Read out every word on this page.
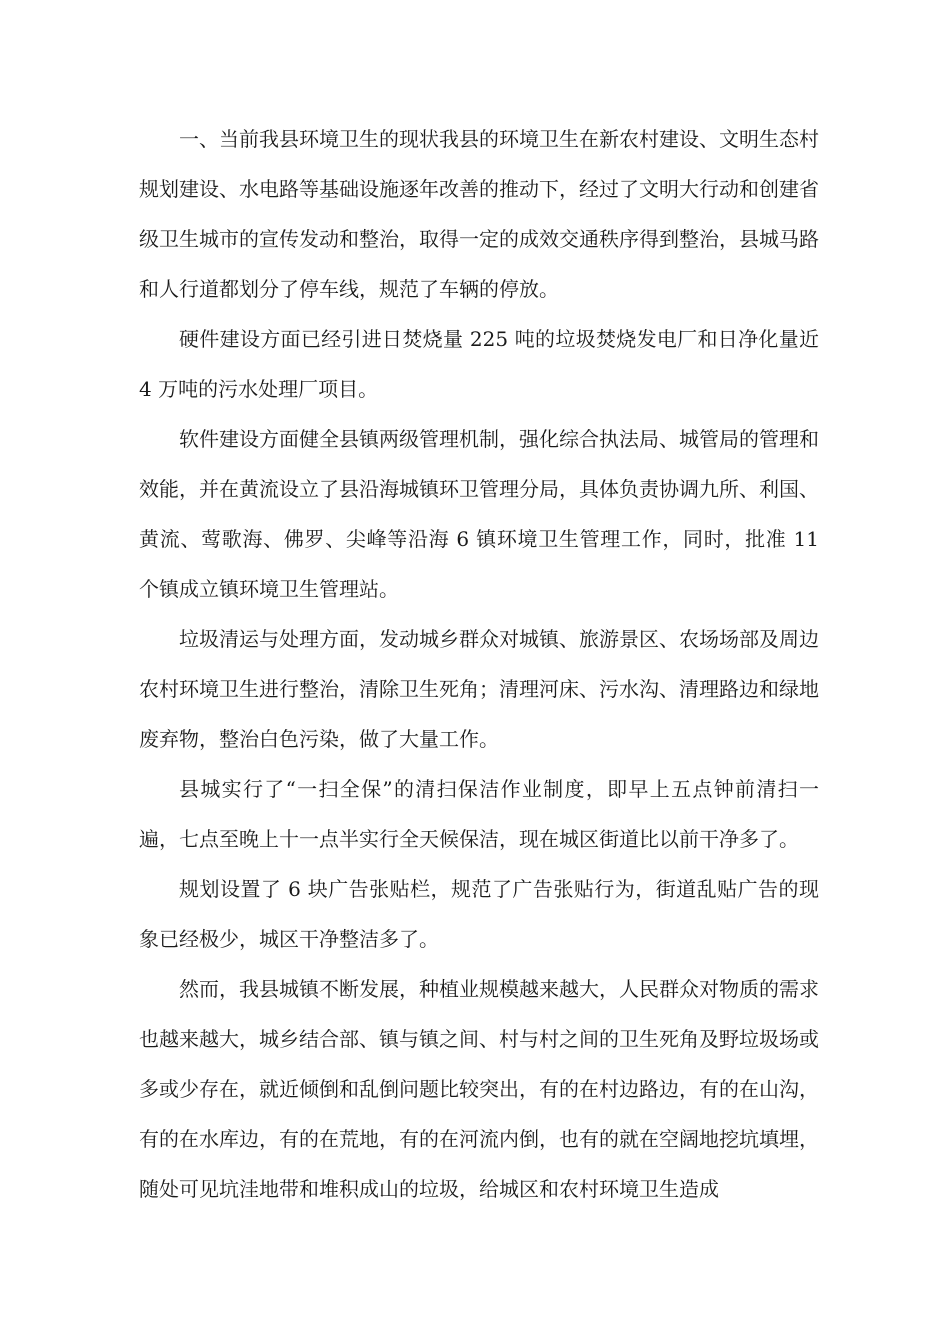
一、当前我县环境卫生的现状我县的环境卫生在新农村建设、文明生态村规划建设、水电路等基础设施逐年改善的推动下，经过了文明大行动和创建省级卫生城市的宣传发动和整治，取得一定的成效交通秩序得到整治，县城马路和人行道都划分了停车线，规范了车辆的停放。

硬件建设方面已经引进日焚烧量 225 吨的垃圾焚烧发电厂和日净化量近 4 万吨的污水处理厂项目。

软件建设方面健全县镇两级管理机制，强化综合执法局、城管局的管理和效能，并在黄流设立了县沿海城镇环卫管理分局，具体负责协调九所、利国、黄流、莺歌海、佛罗、尖峰等沿海 6 镇环境卫生管理工作，同时，批准 11 个镇成立镇环境卫生管理站。

垃圾清运与处理方面，发动城乡群众对城镇、旅游景区、农场场部及周边农村环境卫生进行整治，清除卫生死角；清理河床、污水沟、清理路边和绿地废弃物，整治白色污染，做了大量工作。

县城实行了“一扫全保”的清扫保洁作业制度，即早上五点钟前清扫一遍，七点至晚上十一点半实行全天候保洁，现在城区街道比以前干净多了。

规划设置了 6 块广告张贴栏，规范了广告张贴行为，街道乱贴广告的现象已经极少，城区干净整洁多了。

然而，我县城镇不断发展，种植业规模越来越大，人民群众对物质的需求也越来越大，城乡结合部、镇与镇之间、村与村之间的卫生死角及野垃圾场或多或少存在，就近倾倒和乱倒问题比较突出，有的在村边路边，有的在山沟，有的在水库边，有的在荒地，有的在河流内倒，也有的就在空阔地挖坑填埋，随处可见坑洼地带和堆积成山的垃圾，给城区和农村环境卫生造成
